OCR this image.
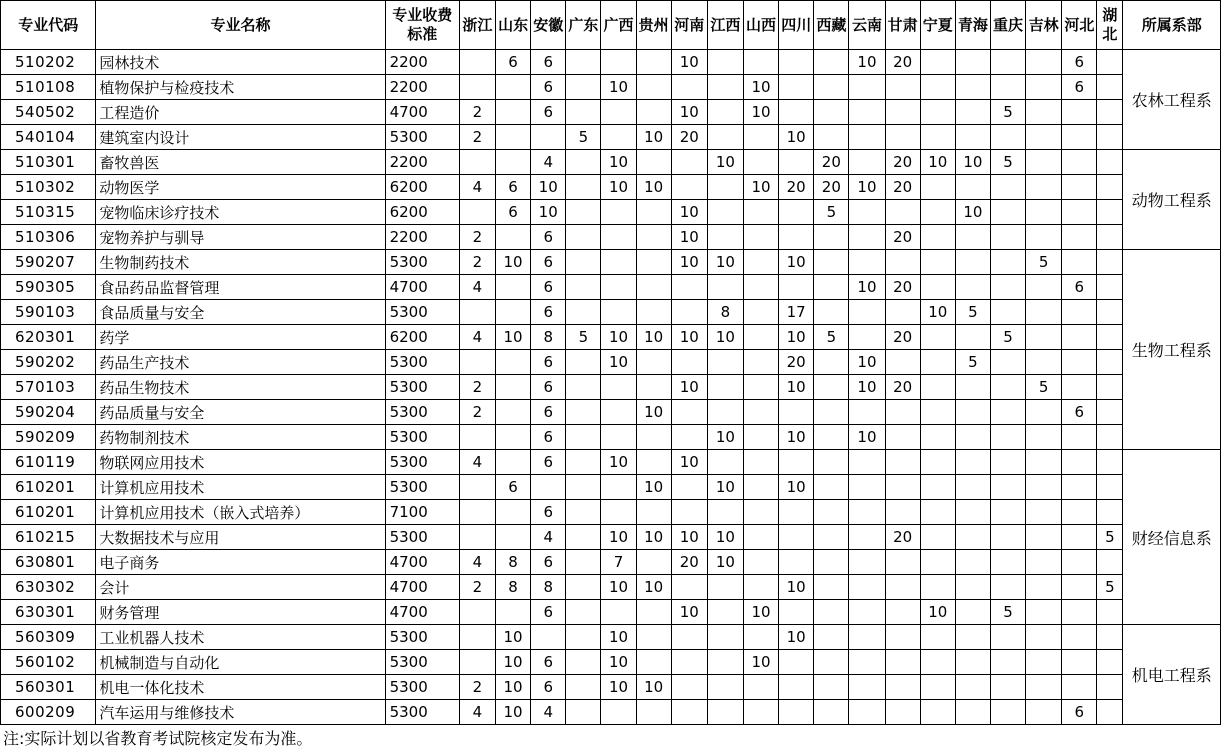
专业代码	专业名称	专业收费标准	浙江	山东	安徽	广东	广西	贵州	河南	江西	山西	四川	西藏	云南	甘肃	宁夏	青海	重庆	吉林	河北	湖北	所属系部
510202	园林技术	2200		6	6				10					10	20					6		农林工程系
510108	植物保护与检疫技术	2200			6		10				10									6		
540502	工程造价	4700	2		6				10		10							5				
540104	建筑室内设计	5300	2			5		10	20			10										
510301	畜牧兽医	2200			4		10			10			20		20	10	10	5				动物工程系
510302	动物医学	6200	4	6	10		10	10			10	20	20	10	20							
510315	宠物临床诊疗技术	6200		6	10				10				5				10					
510306	宠物养护与驯导	2200	2		6				10						20							
590207	生物制药技术	5300	2	10	6				10	10		10							5			生物工程系
590305	食品药品监督管理	4700	4		6									10	20					6		
590103	食品质量与安全	5300			6					8		17				10	5					
620301	药学	6200	4	10	8	5	10	10	10	10		10	5		20			5				
590202	药品生产技术	5300			6		10					20		10			5					
570103	药品生物技术	5300	2		6				10			10		10	20				5			
590204	药品质量与安全	5300	2		6			10												6		
590209	药物制剂技术	5300			6					10		10		10								
610119	物联网应用技术	5300	4		6		10		10													财经信息系
610201	计算机应用技术	5300		6				10		10		10										
610201	计算机应用技术（嵌入式培养）	7100			6																	
610215	大数据技术与应用	5300			4		10	10	10	10					20						5	
630801	电子商务	4700	4	8	6		7		20	10												
630302	会计	4700	2	8	8		10	10				10									5	
630301	财务管理	4700			6				10		10					10		5				
560309	工业机器人技术	5300		10			10					10										机电工程系
560102	机械制造与自动化	5300		10	6		10				10											
560301	机电一体化技术	5300	2	10	6		10	10														
600209	汽车运用与维修技术	5300	4	10	4															6		
注:实际计划以省教育考试院核定发布为准。
